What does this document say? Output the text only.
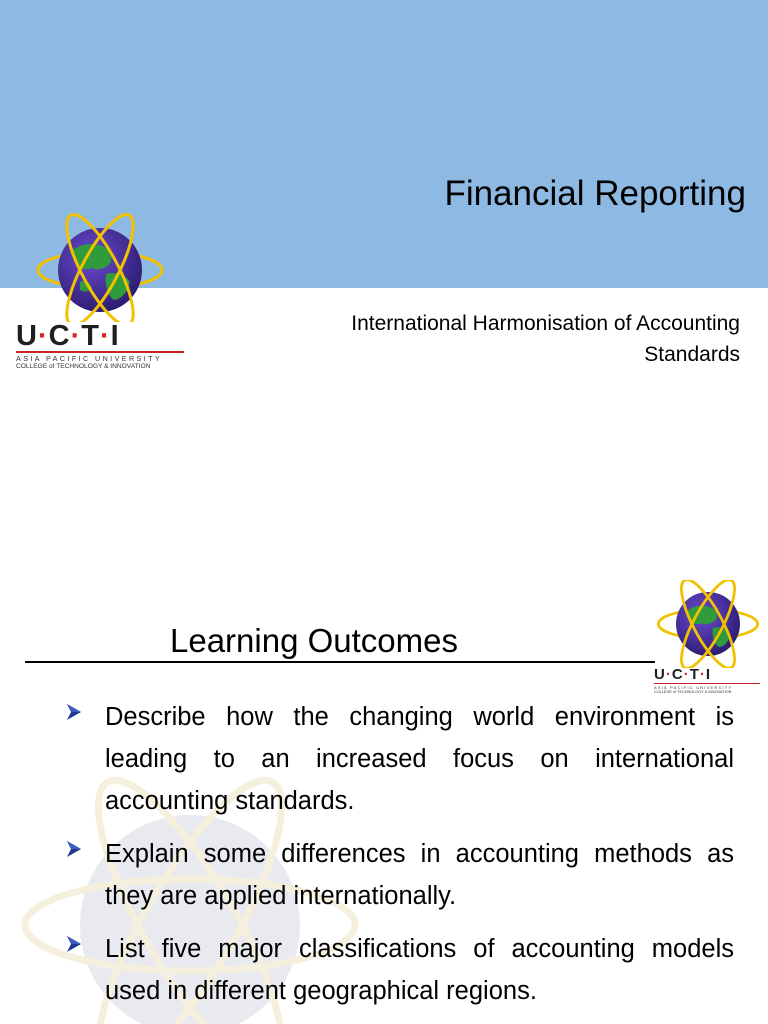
Financial Reporting
U·C·T·I
ASIA PACIFIC UNIVERSITY
COLLEGE of TECHNOLOGY & INNOVATION
International Harmonisation of Accounting
Standards
Learning Outcomes
U·C·T·I
ASIA PACIFIC UNIVERSITY
COLLEGE of TECHNOLOGY & INNOVATION
Describe how the changing world environment is leading to an increased focus on international accounting standards.
Explain some differences in accounting methods as they are applied internationally.
List five major classifications of accounting models used in different geographical regions.
